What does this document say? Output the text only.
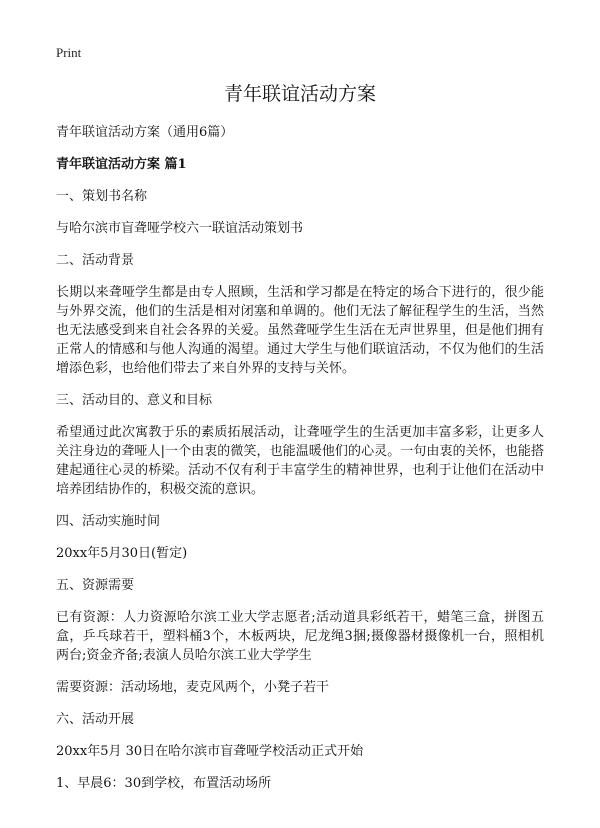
Print
青年联谊活动方案

青年联谊活动方案（通用6篇）

青年联谊活动方案 篇1

一、策划书名称

与哈尔滨市盲聋哑学校六一联谊活动策划书

二、活动背景

长期以来聋哑学生都是由专人照顾，生活和学习都是在特定的场合下进行的，很少能与外界交流，他们的生活是相对闭塞和单调的。他们无法了解征程学生的生活，当然也无法感受到来自社会各界的关爱。虽然聋哑学生生活在无声世界里，但是他们拥有正常人的情感和与他人沟通的渴望。通过大学生与他们联谊活动，不仅为他们的生活增添色彩，也给他们带去了来自外界的支持与关怀。

三、活动目的、意义和目标

希望通过此次寓教于乐的素质拓展活动，让聋哑学生的生活更加丰富多彩，让更多人关注身边的聋哑人|一个由衷的微笑，也能温暖他们的心灵。一句由衷的关怀，也能搭建起通往心灵的桥梁。活动不仅有利于丰富学生的精神世界，也利于让他们在活动中培养团结协作的，积极交流的意识。

四、活动实施时间

20xx年5月30日(暂定)

五、资源需要

已有资源：人力资源哈尔滨工业大学志愿者;活动道具彩纸若干，蜡笔三盒，拼图五盒，乒乓球若干，塑料桶3个，木板两块，尼龙绳3捆;摄像器材摄像机一台，照相机两台;资金齐备;表演人员哈尔滨工业大学学生

需要资源：活动场地，麦克风两个，小凳子若干

六、活动开展

20xx年5月 30日在哈尔滨市盲聋哑学校活动正式开始

1、早晨6：30到学校，布置活动场所
